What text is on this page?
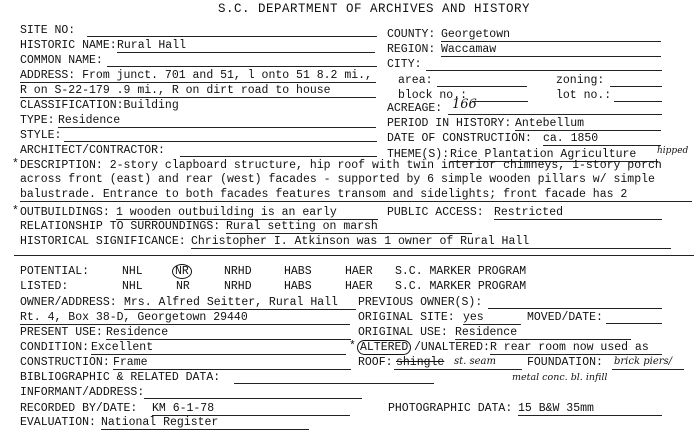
S.C. DEPARTMENT OF ARCHIVES AND HISTORY
SITE NO:
HISTORIC NAME: Rural Hall
COMMON NAME:
ADDRESS: From junct. 701 and 51, l onto 51 8.2 mi.,
R on S-22-179 .9 mi., R on dirt road to house
CLASSIFICATION:Building
TYPE: Residence
STYLE:
ARCHITECT/CONTRACTOR:
COUNTY: Georgetown
REGION: Waccamaw
CITY:
area:	zoning:
block no.:	lot no.:
ACREAGE: 166
PERIOD IN HISTORY: Antebellum
DATE OF CONSTRUCTION: ca. 1850
THEME(S): Rice Plantation Agriculture	hipped
* DESCRIPTION: 2-story clapboard structure, hip roof with twin interior chimneys, 1-story porch
across front (east) and rear (west) facades - supported by 6 simple wooden pillars w/ simple
balustrade. Entrance to both facades features transom and sidelights; front facade has 2
* OUTBUILDINGS: 1 wooden outbuilding is an early	PUBLIC ACCESS: Restricted
RELATIONSHIP TO SURROUNDINGS: Rural setting on marsh
HISTORICAL SIGNIFICANCE: Christopher I. Atkinson was 1 owner of Rural Hall
POTENTIAL:	NHL	NR	NRHD	HABS	HAER S.C. MARKER PROGRAM
LISTED:	NHL	NR	NRHD	HABS	HAER S.C. MARKER PROGRAM
OWNER/ADDRESS: Mrs. Alfred Seitter, Rural Hall	PREVIOUS OWNER(S):
Rt. 4, Box 38-D, Georgetown 29440	ORIGINAL SITE: yes	MOVED/DATE:
PRESENT USE: Residence	ORIGINAL USE: Residence
CONDITION: Excellent	* ALTERED /UNALTERED: R rear room now used as
CONSTRUCTION: Frame	ROOF: shingle st. seam	FOUNDATION: brick piers/
BIBLIOGRAPHIC & RELATED DATA:	metal conc. bl. infill
INFORMANT/ADDRESS:
RECORDED BY/DATE: KM 6-1-78	PHOTOGRAPHIC DATA: 15 B&W 35mm
EVALUATION: National Register
